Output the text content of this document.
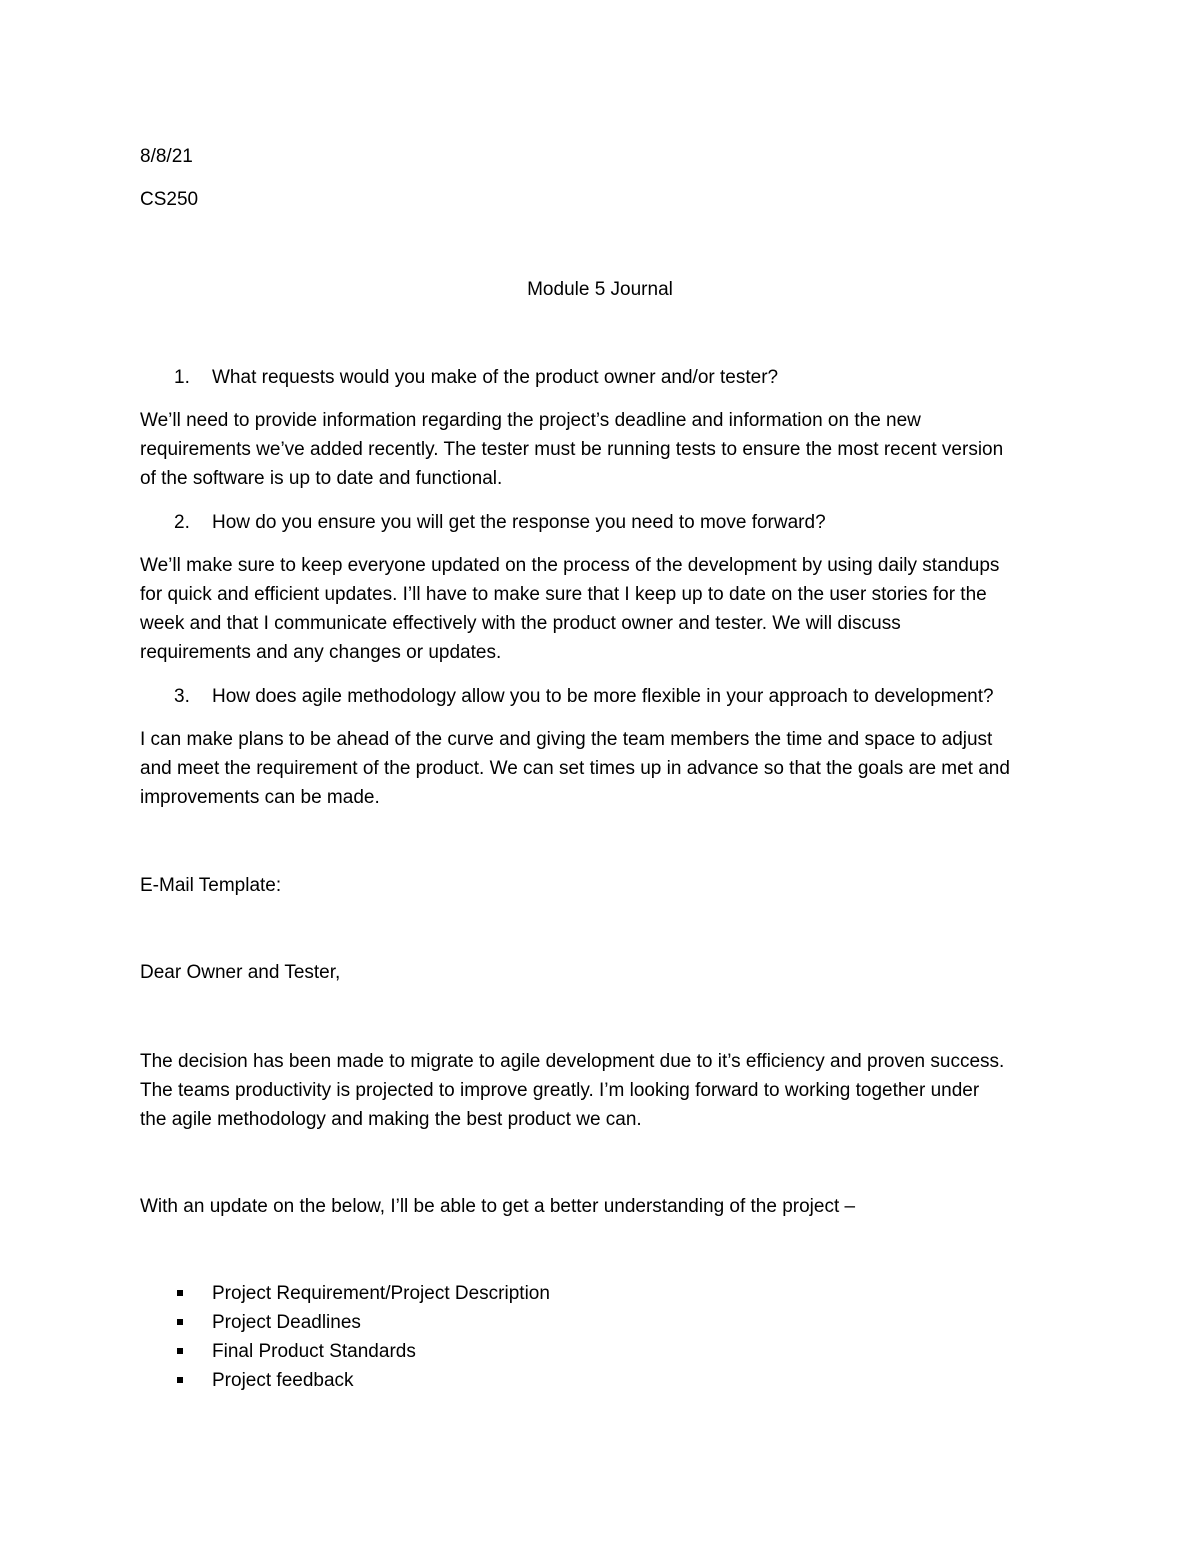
8/8/21

CS250

Module 5 Journal

1. What requests would you make of the product owner and/or tester?
We’ll need to provide information regarding the project’s deadline and information on the new
requirements we’ve added recently. The tester must be running tests to ensure the most recent version
of the software is up to date and functional.
2. How do you ensure you will get the response you need to move forward?
We’ll make sure to keep everyone updated on the process of the development by using daily standups
for quick and efficient updates. I’ll have to make sure that I keep up to date on the user stories for the
week and that I communicate effectively with the product owner and tester. We will discuss
requirements and any changes or updates.
3. How does agile methodology allow you to be more flexible in your approach to development?
I can make plans to be ahead of the curve and giving the team members the time and space to adjust
and meet the requirement of the product. We can set times up in advance so that the goals are met and
improvements can be made.

E-Mail Template:

Dear Owner and Tester,

The decision has been made to migrate to agile development due to it’s efficiency and proven success.
The teams productivity is projected to improve greatly. I’m looking forward to working together under
the agile methodology and making the best product we can.

With an update on the below, I’ll be able to get a better understanding of the project –

Project Requirement/Project Description
Project Deadlines
Final Product Standards
Project feedback
